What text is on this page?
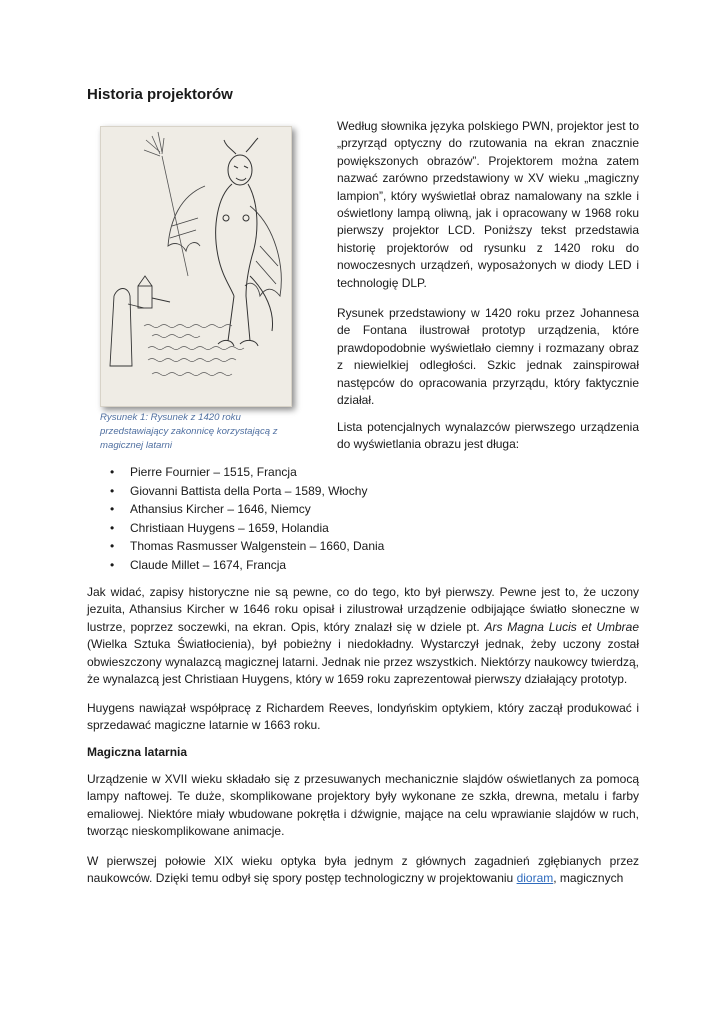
Historia projektorów
Rysunek 1: Rysunek z 1420 roku przedstawiający zakonnicę korzystającą z magicznej latarni

Według słownika języka polskiego PWN, projektor jest to „przyrząd optyczny do rzutowania na ekran znacznie powiększonych obrazów”. Projektorem można zatem nazwać zarówno przedstawiony w XV wieku „magiczny lampion”, który wyświetlał obraz namalowany na szkle i oświetlony lampą oliwną, jak i opracowany w 1968 roku pierwszy projektor LCD. Poniższy tekst przedstawia historię projektorów od rysunku z 1420 roku do nowoczesnych urządzeń, wyposażonych w diody LED i technologię DLP.

Rysunek przedstawiony w 1420 roku przez Johannesa de Fontana ilustrował prototyp urządzenia, które prawdopodobnie wyświetlało ciemny i rozmazany obraz z niewielkiej odległości. Szkic jednak zainspirował następców do opracowania przyrządu, który faktycznie działał.

Lista potencjalnych wynalazców pierwszego urządzenia do wyświetlania obrazu jest długa:

• Pierre Fournier – 1515, Francja
• Giovanni Battista della Porta – 1589, Włochy
• Athansius Kircher – 1646, Niemcy
• Christiaan Huygens – 1659, Holandia
• Thomas Rasmusser Walgenstein – 1660, Dania
• Claude Millet – 1674, Francja

Jak widać, zapisy historyczne nie są pewne, co do tego, kto był pierwszy. Pewne jest to, że uczony jezuita, Athansius Kircher w 1646 roku opisał i zilustrował urządzenie odbijające światło słoneczne w lustrze, poprzez soczewki, na ekran. Opis, który znalazł się w dziele pt. Ars Magna Lucis et Umbrae (Wielka Sztuka Światłocienia), był pobieżny i niedokładny. Wystarczył jednak, żeby uczony został obwieszczony wynalazcą magicznej latarni. Jednak nie przez wszystkich. Niektórzy naukowcy twierdzą, że wynalazcą jest Christiaan Huygens, który w 1659 roku zaprezentował pierwszy działający prototyp.

Huygens nawiązał współpracę z Richardem Reeves, londyńskim optykiem, który zaczął produkować i sprzedawać magiczne latarnie w 1663 roku.

Magiczna latarnia

Urządzenie w XVII wieku składało się z przesuwanych mechanicznie slajdów oświetlanych za pomocą lampy naftowej. Te duże, skomplikowane projektory były wykonane ze szkła, drewna, metalu i farby emaliowej. Niektóre miały wbudowane pokrętła i dźwignie, mające na celu wprawianie slajdów w ruch, tworząc nieskomplikowane animacje.

W pierwszej połowie XIX wieku optyka była jednym z głównych zagadnień zgłębianych przez naukowców. Dzięki temu odbył się spory postęp technologiczny w projektowaniu dioram, magicznych
